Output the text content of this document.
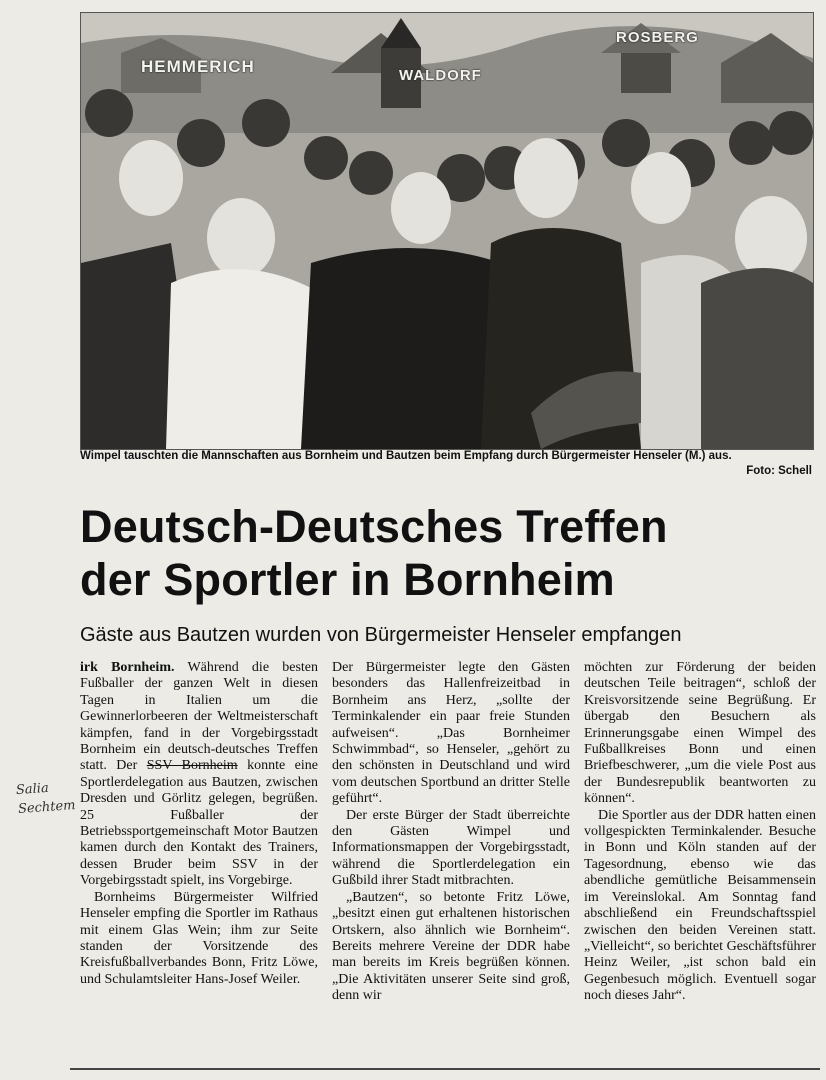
HEMMERICH	WALDORF
ROSBERG
Wimpel tauschten die Mannschaften aus Bornheim und Bautzen beim Empfang durch Bürgermeister Henseler (M.) aus.
Foto: Schell
Deutsch-Deutsches Treffen
der Sportler in Bornheim
Gäste aus Bautzen wurden von Bürgermeister Henseler empfangen

irk Bornheim. Während die besten Fußballer der ganzen Welt in diesen Tagen in Italien um die Gewinnerlorbeeren der Weltmeisterschaft kämpfen, fand in der Vorgebirgsstadt Bornheim ein deutsch-deutsches Treffen statt. Der SSV Bornheim konnte eine Sportlerdelegation aus Bautzen, zwischen Dresden und Görlitz gelegen, begrüßen. 25 Fußballer der Betriebssportgemeinschaft Motor Bautzen kamen durch den Kontakt des Trainers, dessen Bruder beim SSV in der Vorgebirgsstadt spielt, ins Vorgebirge.

Bornheims Bürgermeister Wilfried Henseler empfing die Sportler im Rathaus mit einem Glas Wein; ihm zur Seite standen der Vorsitzende des Kreisfußballverbandes Bonn, Fritz Löwe, und Schulamtsleiter Hans-Josef Weiler.

Der Bürgermeister legte den Gästen besonders das Hallenfreizeitbad in Bornheim ans Herz, „sollte der Terminkalender ein paar freie Stunden aufweisen“. „Das Bornheimer Schwimmbad“, so Henseler, „gehört zu den schönsten in Deutschland und wird vom deutschen Sportbund an dritter Stelle geführt“.

Der erste Bürger der Stadt überreichte den Gästen Wimpel und Informationsmappen der Vorgebirgsstadt, während die Sportlerdelegation ein Gußbild ihrer Stadt mitbrachten.

„Bautzen“, so betonte Fritz Löwe, „besitzt einen gut erhaltenen historischen Ortskern, also ähnlich wie Bornheim“. Bereits mehrere Vereine der DDR habe man bereits im Kreis begrüßen können. „Die Aktivitäten unserer Seite sind groß, denn wir

möchten zur Förderung der beiden deutschen Teile beitragen“, schloß der Kreisvorsitzende seine Begrüßung. Er übergab den Besuchern als Erinnerungsgabe einen Wimpel des Fußballkreises Bonn und einen Briefbeschwerer, „um die viele Post aus der Bundesrepublik beantworten zu können“.

Die Sportler aus der DDR hatten einen vollgespickten Terminkalender. Besuche in Bonn und Köln standen auf der Tagesordnung, ebenso wie das abendliche gemütliche Beisammensein im Vereinslokal. Am Sonntag fand abschließend ein Freundschaftsspiel zwischen den beiden Vereinen statt. „Vielleicht“, so berichtet Geschäftsführer Heinz Weiler, „ist schon bald ein Gegenbesuch möglich. Eventuell sogar noch dieses Jahr“.

Salia
Sechtem
